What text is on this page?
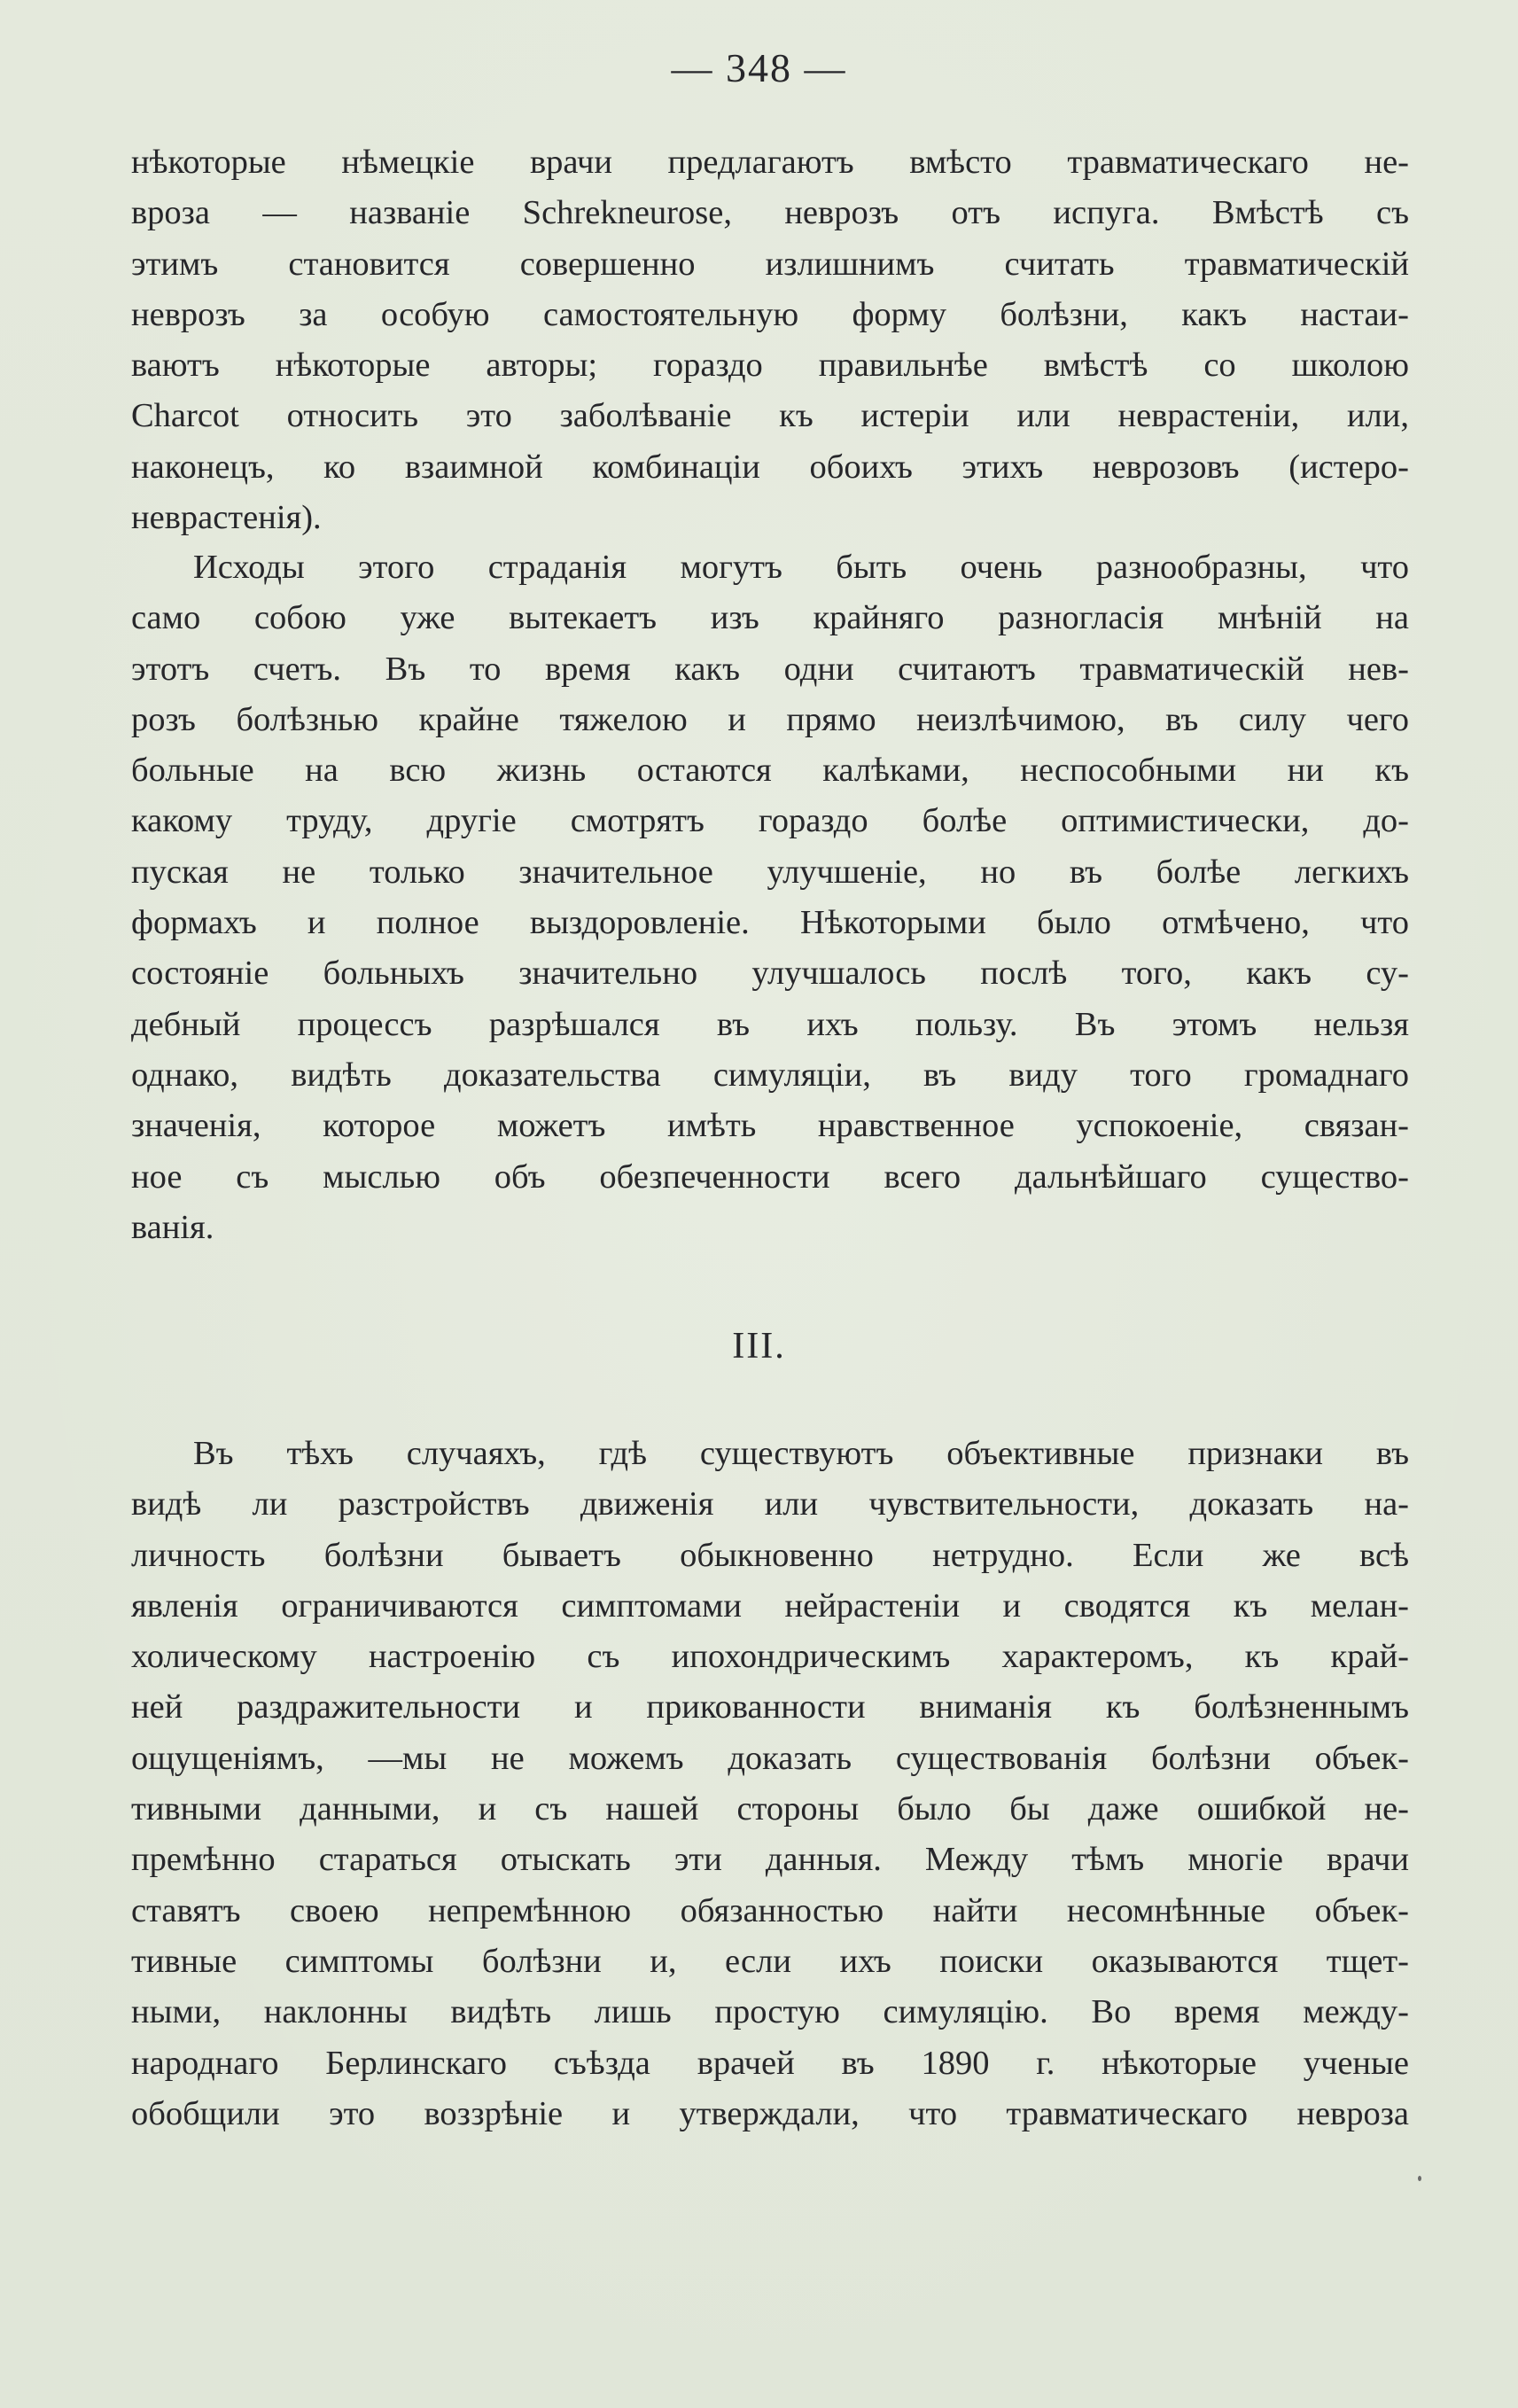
— 348 —
нѣкоторые нѣмецкіе врачи предлагаютъ вмѣсто травматическаго не-
вроза — названіе Schrekneurose, неврозъ отъ испуга. Вмѣстѣ съ
этимъ становится совершенно излишнимъ считать травматическій
неврозъ за особую самостоятельную форму болѣзни, какъ настаи-
ваютъ нѣкоторые авторы; гораздо правильнѣе вмѣстѣ со школою
Charcot относить это заболѣваніе къ истеріи или неврастеніи, или,
наконецъ, ко взаимной комбинаціи обоихъ этихъ неврозовъ (истеро-
неврастенія).
Исходы этого страданія могутъ быть очень разнообразны, что
само собою уже вытекаетъ изъ крайняго разногласія мнѣній на
этотъ счетъ. Въ то время какъ одни считаютъ травматическій нев-
розъ болѣзнью крайне тяжелою и прямо неизлѣчимою, въ силу чего
больные на всю жизнь остаются калѣками, неспособными ни къ
какому труду, другіе смотрятъ гораздо болѣе оптимистически, до-
пуская не только значительное улучшеніе, но въ болѣе легкихъ
формахъ и полное выздоровленіе. Нѣкоторыми было отмѣчено, что
состояніе больныхъ значительно улучшалось послѣ того, какъ су-
дебный процессъ разрѣшался въ ихъ пользу. Въ этомъ нельзя
однако, видѣть доказательства симуляціи, въ виду того громаднаго
значенія, которое можетъ имѣть нравственное успокоеніе, связан-
ное съ мыслью объ обезпеченности всего дальнѣйшаго существо-
ванія.
III.
Въ тѣхъ случаяхъ, гдѣ существуютъ объективные признаки въ
видѣ ли разстройствъ движенія или чувствительности, доказать на-
личность болѣзни бываетъ обыкновенно нетрудно. Если же всѣ
явленія ограничиваются симптомами нейрастеніи и сводятся къ мелан-
холическому настроенію съ ипохондрическимъ характеромъ, къ край-
ней раздражительности и прикованности вниманія къ болѣзненнымъ
ощущеніямъ, —мы не можемъ доказать существованія болѣзни объек-
тивными данными, и съ нашей стороны было бы даже ошибкой не-
премѣнно стараться отыскать эти данныя. Между тѣмъ многіе врачи
ставятъ своею непремѣнною обязанностью найти несомнѣнные объек-
тивные симптомы болѣзни и, если ихъ поиски оказываются тщет-
ными, наклонны видѣть лишь простую симуляцію. Во время между-
народнаго Берлинскаго съѣзда врачей въ 1890 г. нѣкоторые ученые
обобщили это воззрѣніе и утверждали, что травматическаго невроза
